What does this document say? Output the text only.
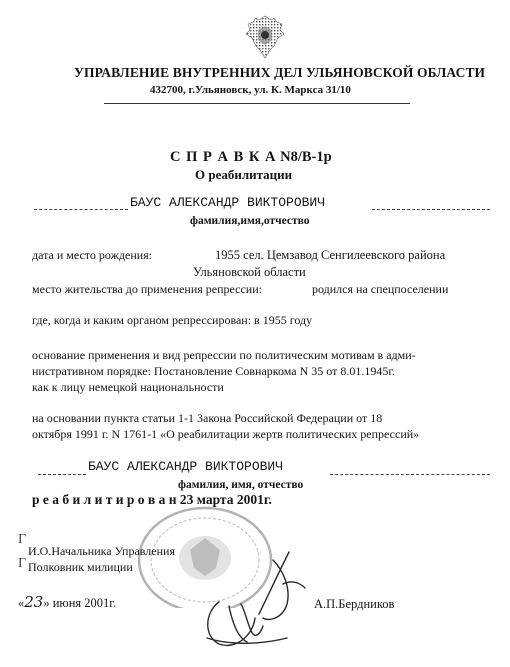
УПРАВЛЕНИЕ ВНУТРЕННИХ ДЕЛ УЛЬЯНОВСКОЙ ОБЛАСТИ
432700, г.Ульяновск, ул. К. Маркса 31/10
С П Р А В К А N8/В-1р
О реабилитации
БАУС АЛЕКСАНДР ВИКТОРОВИЧ
фамилия,имя,отчество
дата и место рождения:	1955 сел. Цемзавод Сенгилеевского района
Ульяновской области
место жительства до применения репрессии:	родился на спецпоселении
где, когда и каким органом репрессирован: в 1955 году
основание применения и вид репрессии по политическим мотивам в адми-
нистративном порядке: Постановление Совнаркома N 35 от 8.01.1945г.
как к лицу немецкой национальности
на основании пункта статьи 1-1 Закона Российской Федерации от 18
октября 1991 г. N 1761-1 «О реабилитации жертв политических репрессий»
БАУС АЛЕКСАНДР ВИКТОРОВИЧ
фамилия, имя, отчество
р е а б и л и т и р о в а н 23 марта 2001г.
Г
Г
И.О.Начальника Управления
Полковник милиции
«23» июня 2001г.	А.П.Бердников
